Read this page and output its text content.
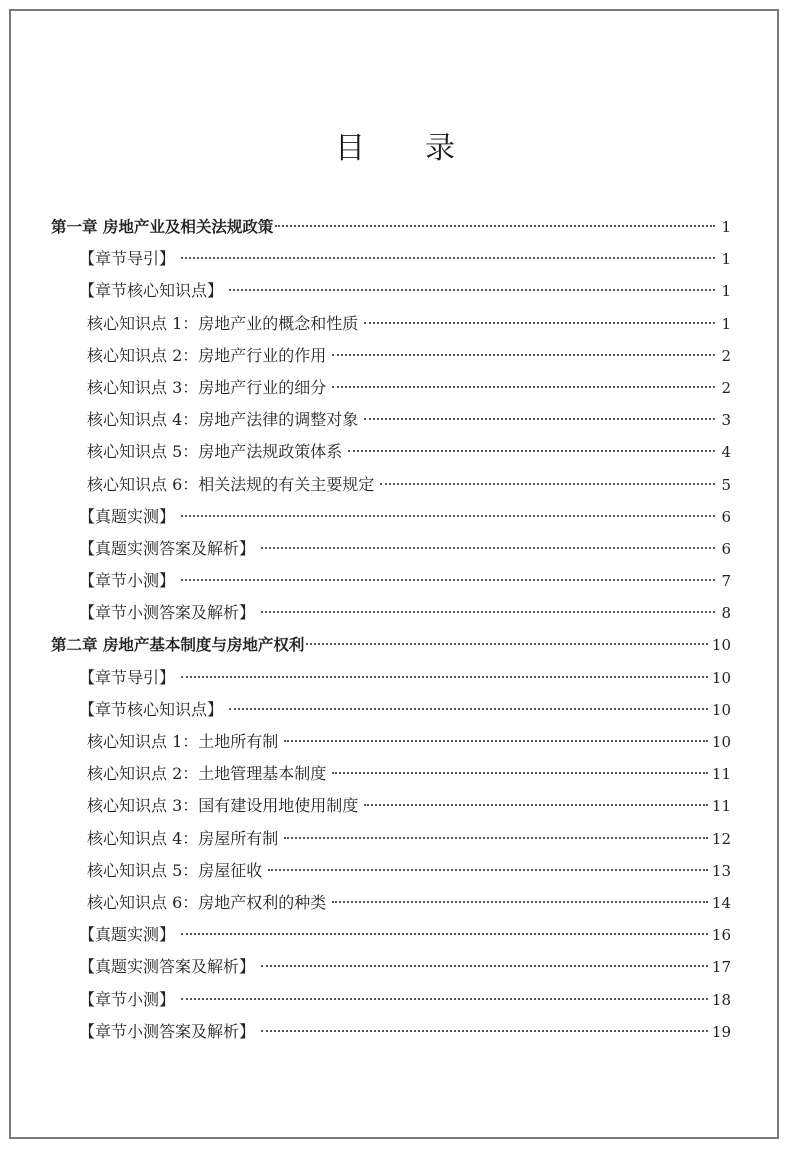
目 录
第一章 房地产业及相关法规政策	1
【章节导引】	1
【章节核心知识点】	1
核心知识点 1：房地产业的概念和性质	1
核心知识点 2：房地产行业的作用	2
核心知识点 3：房地产行业的细分	2
核心知识点 4：房地产法律的调整对象	3
核心知识点 5：房地产法规政策体系	4
核心知识点 6：相关法规的有关主要规定	5
【真题实测】	6
【真题实测答案及解析】	6
【章节小测】	7
【章节小测答案及解析】	8
第二章 房地产基本制度与房地产权利	10
【章节导引】	10
【章节核心知识点】	10
核心知识点 1：土地所有制	10
核心知识点 2：土地管理基本制度	11
核心知识点 3：国有建设用地使用制度	11
核心知识点 4：房屋所有制	12
核心知识点 5：房屋征收	13
核心知识点 6：房地产权利的种类	14
【真题实测】	16
【真题实测答案及解析】	17
【章节小测】	18
【章节小测答案及解析】	19
